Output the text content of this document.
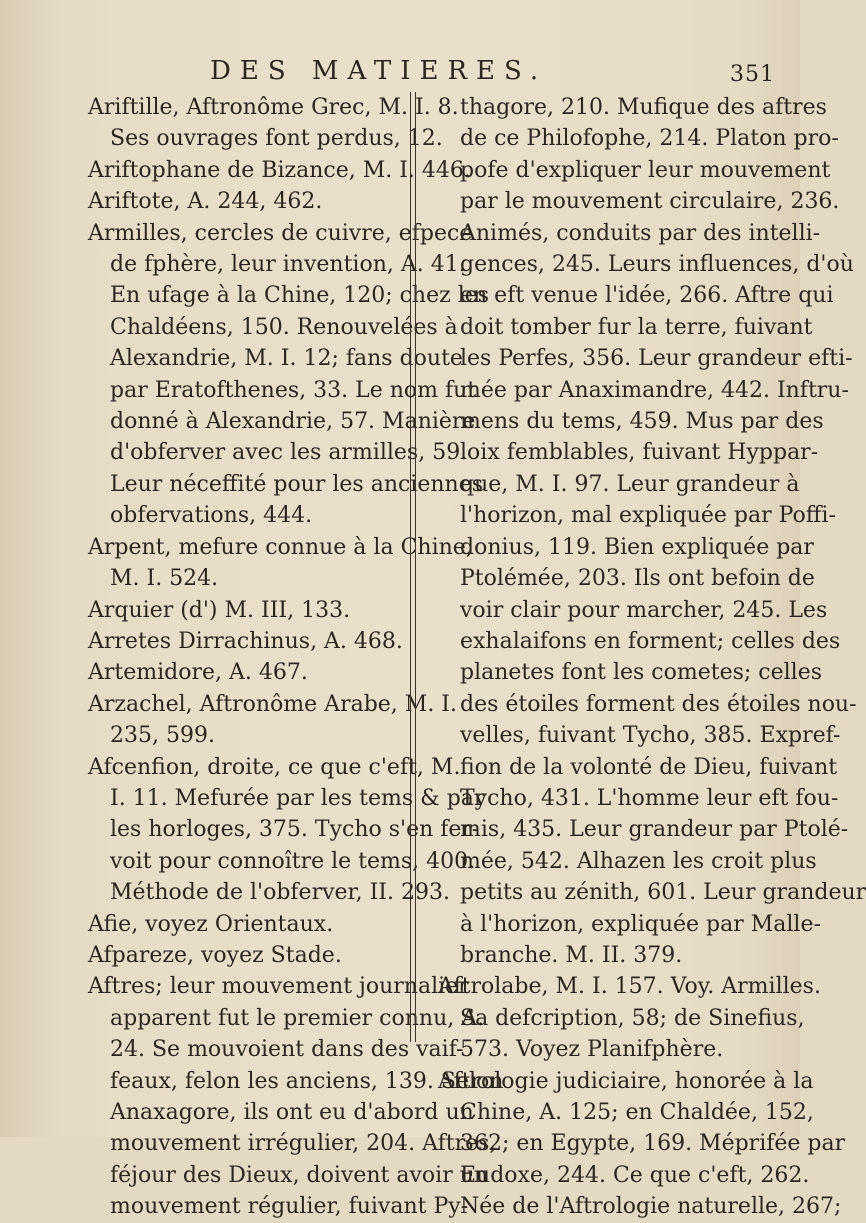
DES MATIERES.	351

Ariftille, Aftronôme Grec, M. I. 8.
Ses ouvrages font perdus, 12.

Ariftophane de Bizance, M. I. 446.

Ariftote, A. 244, 462.

Armilles, cercles de cuivre, efpece
de fphère, leur invention, A. 41.
En ufage à la Chine, 120; chez les
Chaldéens, 150. Renouvelées à
Alexandrie, M. I. 12; fans doute
par Eratofthenes, 33. Le nom fut
donné à Alexandrie, 57. Manière
d'obferver avec les armilles, 59.
Leur néceffité pour les anciennes
obfervations, 444.

Arpent, mefure connue à la Chine,
M. I. 524.

Arquier (d') M. III, 133.

Arretes Dirrachinus, A. 468.

Artemidore, A. 467.

Arzachel, Aftronôme Arabe, M. I.
235, 599.

Afcenfion, droite, ce que c'eft, M.
I. 11. Mefurée par les tems & par
les horloges, 375. Tycho s'en fer-
voit pour connoître le tems, 400.
Méthode de l'obferver, II. 293.

Afie, voyez Orientaux.

Afpareze, voyez Stade.

Aftres; leur mouvement journalier
apparent fut le premier connu, A.
24. Se mouvoient dans des vaif-
feaux, felon les anciens, 139. Selon
Anaxagore, ils ont eu d'abord un
mouvement irrégulier, 204. Aftres,
féjour des Dieux, doivent avoir un
mouvement régulier, fuivant Py-

thagore, 210. Mufique des aftres
de ce Philofophe, 214. Platon pro-
pofe d'expliquer leur mouvement
par le mouvement circulaire, 236.
Animés, conduits par des intelli-
gences, 245. Leurs influences, d'où
en eft venue l'idée, 266. Aftre qui
doit tomber fur la terre, fuivant
les Perfes, 356. Leur grandeur efti-
mée par Anaximandre, 442. Inftru-
mens du tems, 459. Mus par des
loix femblables, fuivant Hyppar-
que, M. I. 97. Leur grandeur à
l'horizon, mal expliquée par Poffi-
donius, 119. Bien expliquée par
Ptolémée, 203. Ils ont befoin de
voir clair pour marcher, 245. Les
exhalaifons en forment; celles des
planetes font les cometes; celles
des étoiles forment des étoiles nou-
velles, fuivant Tycho, 385. Expref-
fion de la volonté de Dieu, fuivant
Tycho, 431. L'homme leur eft fou-
mis, 435. Leur grandeur par Ptolé-
mée, 542. Alhazen les croit plus
petits au zénith, 601. Leur grandeur
à l'horizon, expliquée par Malle-
branche. M. II. 379.

Aftrolabe, M. I. 157. Voy. Armilles.
Sa defcription, 58; de Sinefius,
573. Voyez Planifphère.

Aftrologie judiciaire, honorée à la
Chine, A. 125; en Chaldée, 152,
362; en Egypte, 169. Méprifée par
Eudoxe, 244. Ce que c'eft, 262.
Née de l'Aftrologie naturelle, 267;
